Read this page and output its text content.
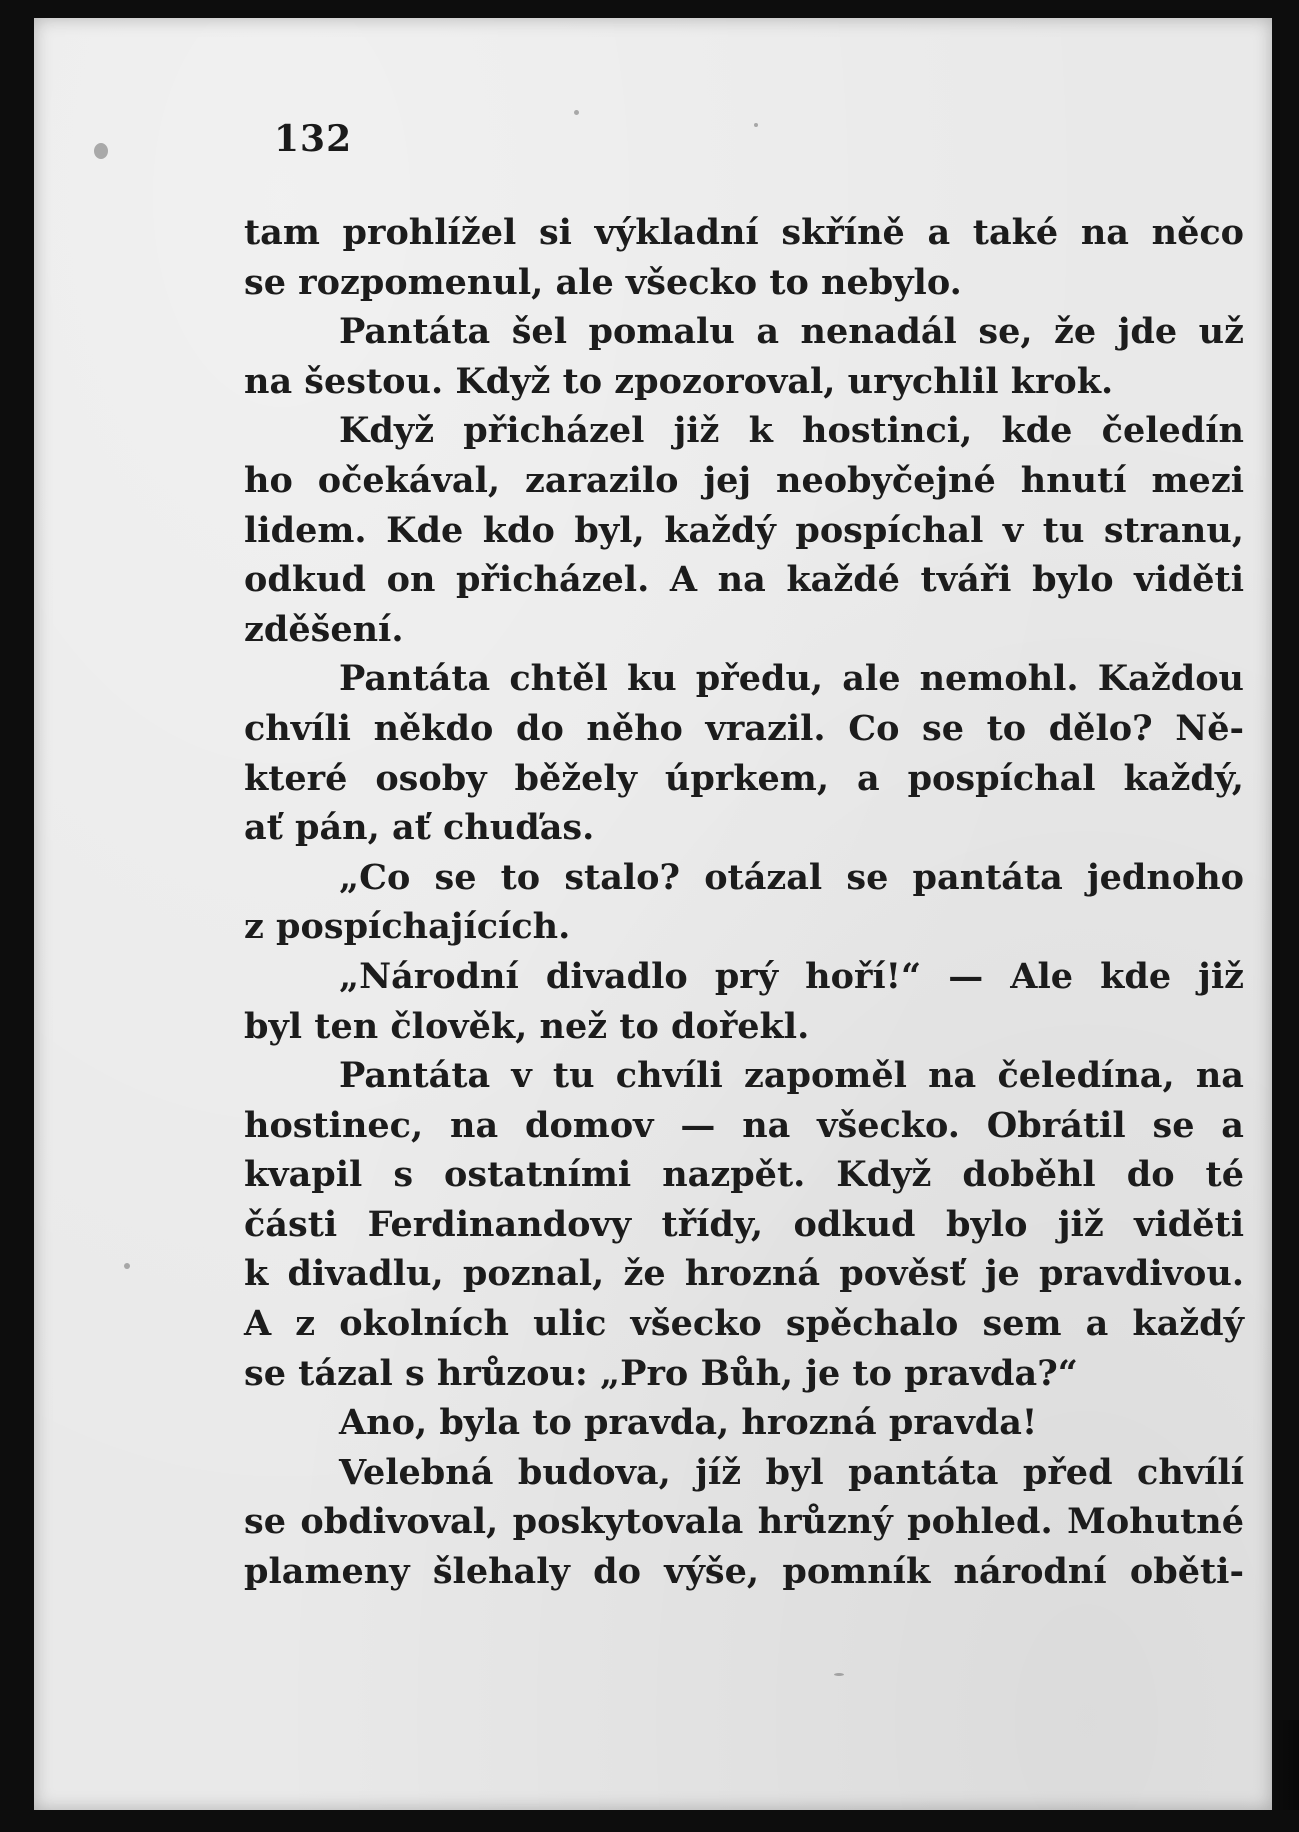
132
tam prohlížel si výkladní skříně a také na něco
se rozpomenul, ale všecko to nebylo.
Pantáta šel pomalu a nenadál se, že jde už
na šestou. Když to zpozoroval, urychlil krok.
Když přicházel již k hostinci, kde čeledín
ho očekával, zarazilo jej neobyčejné hnutí mezi
lidem. Kde kdo byl, každý pospíchal v tu stranu,
odkud on přicházel. A na každé tváři bylo viděti
zděšení.
Pantáta chtěl ku předu, ale nemohl. Každou
chvíli někdo do něho vrazil. Co se to dělo? Ně-
které osoby běžely úprkem, a pospíchal každý,
ať pán, ať chuďas.
„Co se to stalo? otázal se pantáta jednoho
z pospíchajících.
„Národní divadlo prý hoří!“ — Ale kde již
byl ten člověk, než to dořekl.
Pantáta v tu chvíli zapoměl na čeledína, na
hostinec, na domov — na všecko. Obrátil se a
kvapil s ostatními nazpět. Když doběhl do té
části Ferdinandovy třídy, odkud bylo již viděti
k divadlu, poznal, že hrozná pověsť je pravdivou.
A z okolních ulic všecko spěchalo sem a každý
se tázal s hrůzou: „Pro Bůh, je to pravda?“
Ano, byla to pravda, hrozná pravda!
Velebná budova, jíž byl pantáta před chvílí
se obdivoval, poskytovala hrůzný pohled. Mohutné
plameny šlehaly do výše, pomník národní oběti-
